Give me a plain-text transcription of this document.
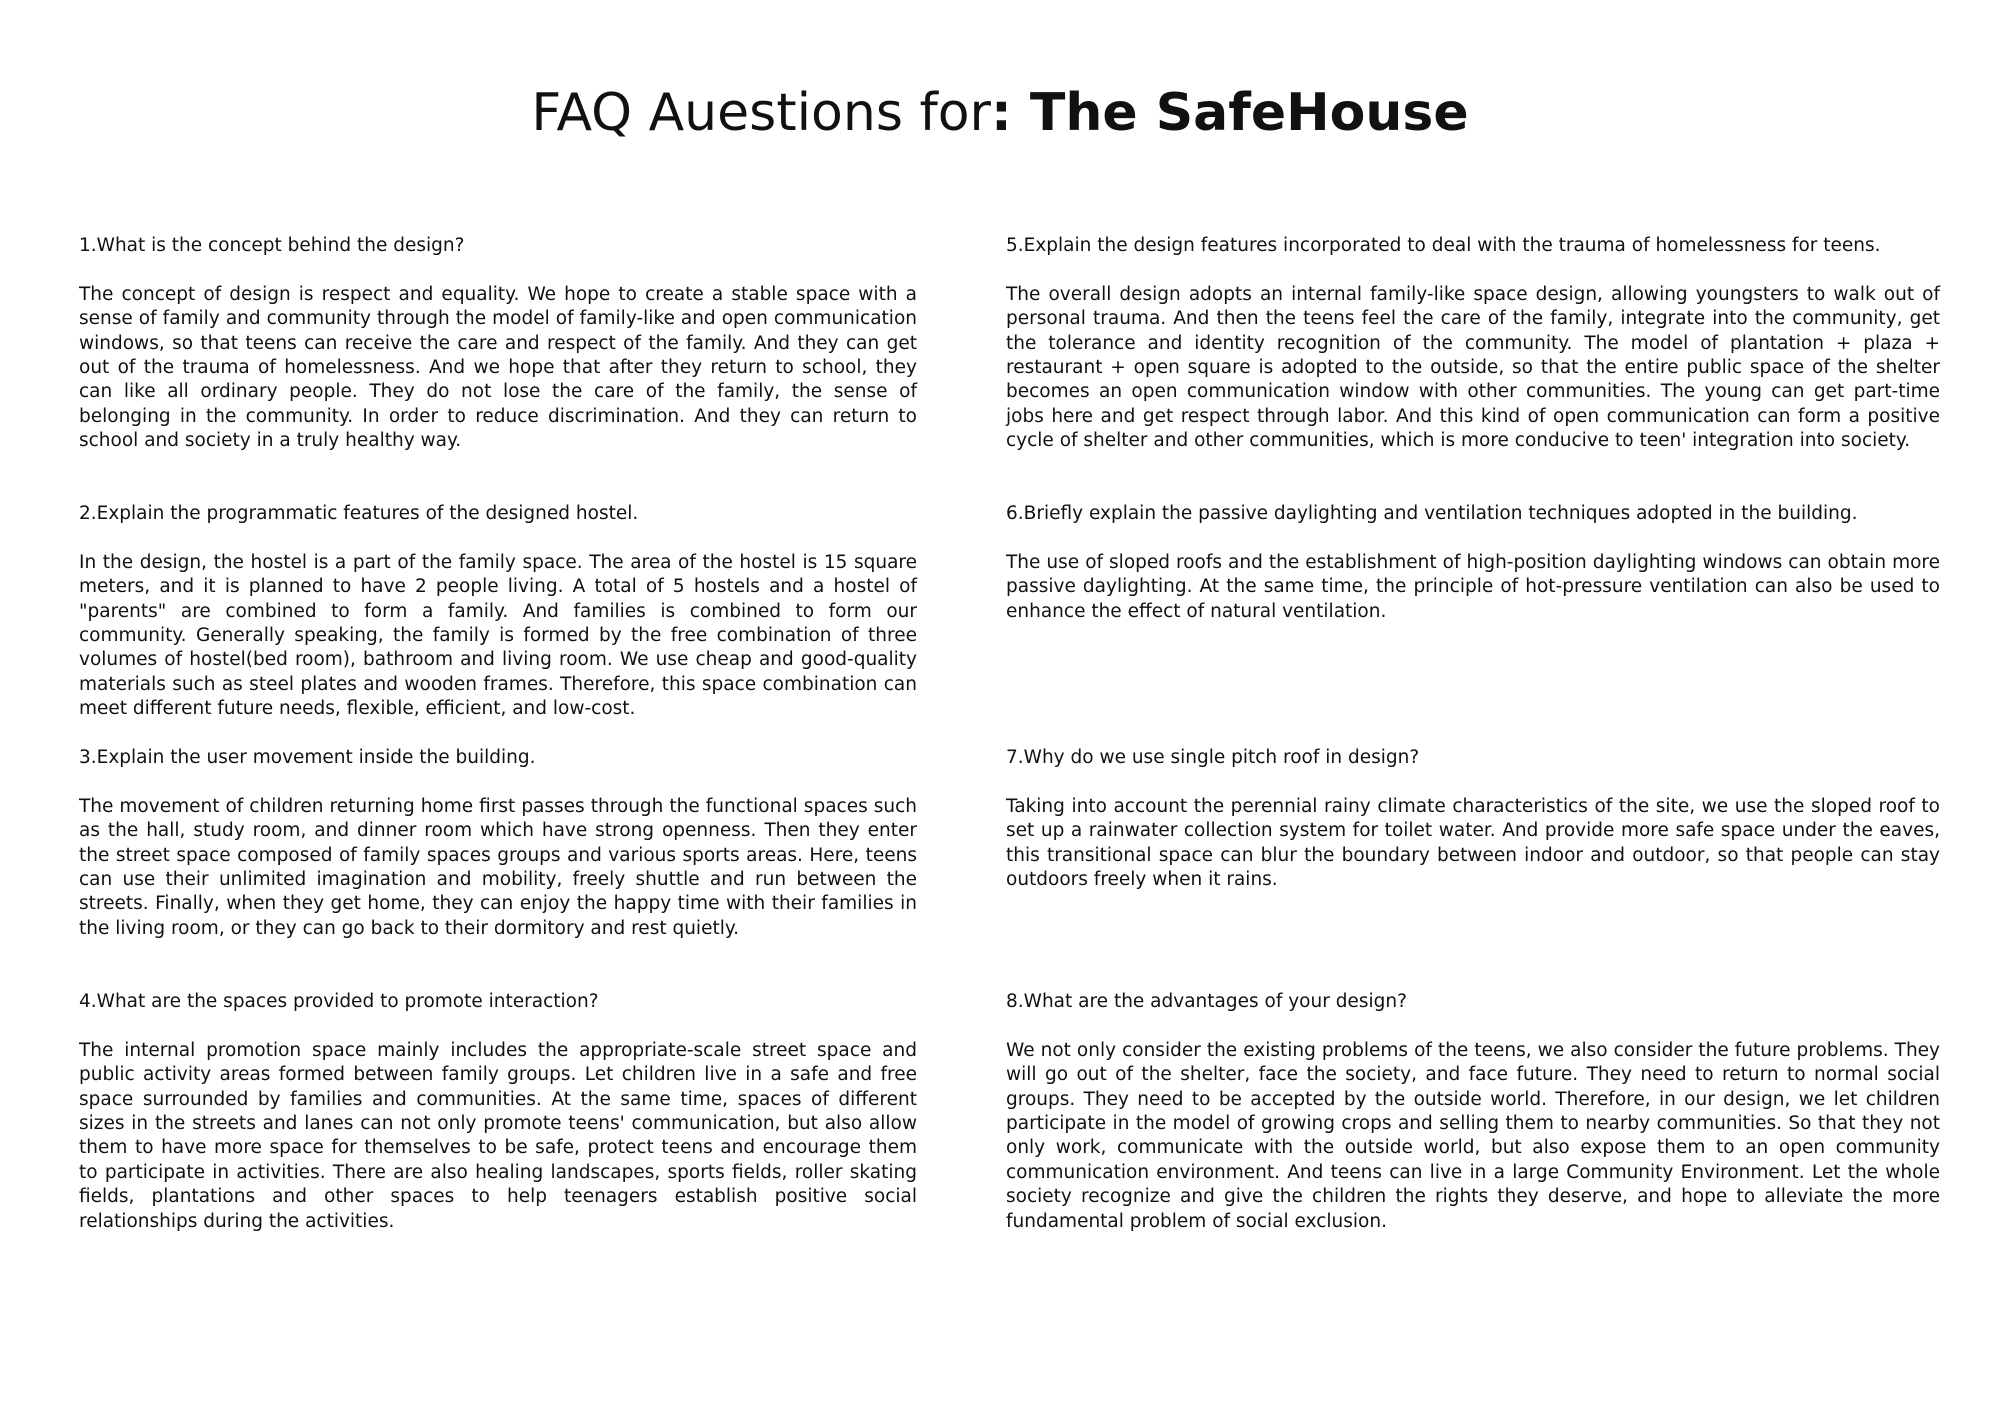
FAQ Auestions for: The SafeHouse
1.What is the concept behind the design?
The concept of design is respect and equality. We hope to create a stable space with a sense of family and community through the model of family-like and open communication windows, so that teens can receive the care and respect of the family. And they can get out of the trauma of homelessness. And we hope that after they return to school, they can like all ordinary people. They do not lose the care of the family, the sense of belonging in the community. In order to reduce discrimination. And they can return to school and society in a truly healthy way.
2.Explain the programmatic features of the designed hostel.
In the design, the hostel is a part of the family space. The area of the hostel is 15 square meters, and it is planned to have 2 people living. A total of 5 hostels and a hostel of "parents" are combined to form a family. And families is combined to form our community. Generally speaking, the family is formed by the free combination of three volumes of hostel(bed room), bathroom and living room. We use cheap and good-quality materials such as steel plates and wooden frames. Therefore, this space combination can meet different future needs, flexible, efficient, and low-cost.
3.Explain the user movement inside the building.
The movement of children returning home first passes through the functional spaces such as the hall, study room, and dinner room which have strong openness. Then they enter the street space composed of family spaces groups and various sports areas. Here, teens can use their unlimited imagination and mobility, freely shuttle and run between the streets. Finally, when they get home, they can enjoy the happy time with their families in the living room, or they can go back to their dormitory and rest quietly.
4.What are the spaces provided to promote interaction?
The internal promotion space mainly includes the appropriate-scale street space and public activity areas formed between family groups. Let children live in a safe and free space surrounded by families and communities. At the same time, spaces of different sizes in the streets and lanes can not only promote teens' communication, but also allow them to have more space for themselves to be safe, protect teens and encourage them to participate in activities. There are also healing landscapes, sports fields, roller skating fields, plantations and other spaces to help teenagers establish positive social relationships during the activities.
5.Explain the design features incorporated to deal with the trauma of homelessness for teens.
The overall design adopts an internal family-like space design, allowing youngsters to walk out of personal trauma. And then the teens feel the care of the family, integrate into the community, get the tolerance and identity recognition of the community. The model of plantation + plaza + restaurant + open square is adopted to the outside, so that the entire public space of the shelter becomes an open communication window with other communities. The young can get part-time jobs here and get respect through labor. And this kind of open communication can form a positive cycle of shelter and other communities, which is more conducive to teen' integration into society.
6.Briefly explain the passive daylighting and ventilation techniques adopted in the building.
The use of sloped roofs and the establishment of high-position daylighting windows can obtain more passive daylighting. At the same time, the principle of hot-pressure ventilation can also be used to enhance the effect of natural ventilation.
7.Why do we use single pitch roof in design?
Taking into account the perennial rainy climate characteristics of the site, we use the sloped roof to set up a rainwater collection system for toilet water. And provide more safe space under the eaves, this transitional space can blur the boundary between indoor and outdoor, so that people can stay outdoors freely when it rains.
8.What are the advantages of your design?
We not only consider the existing problems of the teens, we also consider the future problems. They will go out of the shelter, face the society, and face future. They need to return to normal social groups. They need to be accepted by the outside world. Therefore, in our design, we let children participate in the model of growing crops and selling them to nearby communities. So that they not only work, communicate with the outside world, but also expose them to an open community communication environment. And teens can live in a large Community Environment. Let the whole society recognize and give the children the rights they deserve, and hope to alleviate the more fundamental problem of social exclusion.
